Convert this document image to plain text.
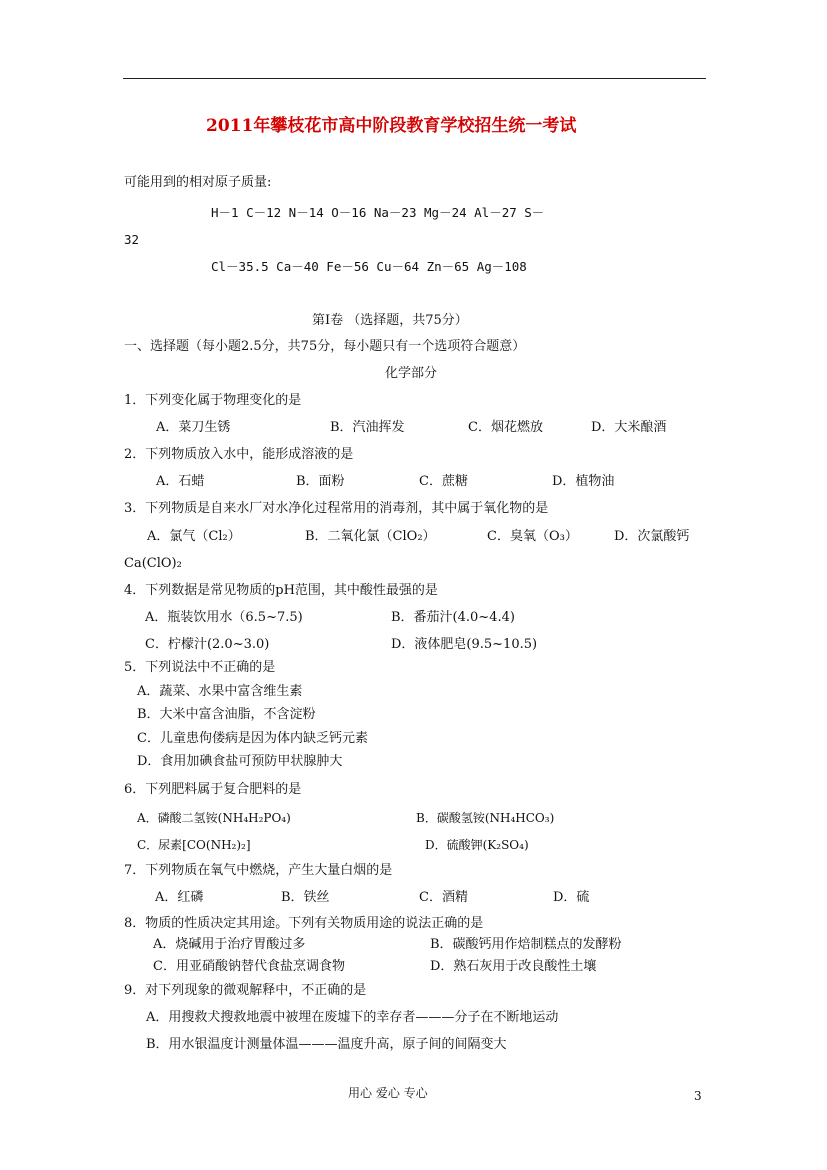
2011年攀枝花市高中阶段教育学校招生统一考试
可能用到的相对原子质量:
H－1 C－12 N－14 O－16 Na－23 Mg－24 Al－27 S－
32
Cl－35.5 Ca－40 Fe－56 Cu－64 Zn－65 Ag－108
第Ⅰ卷 （选择题，共75分）
一、选择题（每小题2.5分，共75分，每小题只有一个选项符合题意）
化学部分
1．下列变化属于物理变化的是
A．菜刀生锈	B．汽油挥发	C．烟花燃放	D．大米酿酒
2．下列物质放入水中，能形成溶液的是
A．石蜡	B．面粉	C．蔗糖	D．植物油
3．下列物质是自来水厂对水净化过程常用的消毒剂，其中属于氧化物的是
A．氯气（Cl₂）	B．二氧化氯（ClO₂）	C．臭氧（O₃）	D．次氯酸钙
Ca(ClO)₂
4．下列数据是常见物质的pH范围，其中酸性最强的是
A．瓶装饮用水（6.5~7.5)	B．番茄汁(4.0~4.4)
C．柠檬汁(2.0~3.0)	D．液体肥皂(9.5~10.5)
5．下列说法中不正确的是
A．蔬菜、水果中富含维生素
B．大米中富含油脂，不含淀粉
C．儿童患佝偻病是因为体内缺乏钙元素
D．食用加碘食盐可预防甲状腺肿大
6．下列肥料属于复合肥料的是
A．磷酸二氢铵(NH₄H₂PO₄)	B．碳酸氢铵(NH₄HCO₃)
C．尿素[CO(NH₂)₂]	D．硫酸钾(K₂SO₄)
7．下列物质在氧气中燃烧，产生大量白烟的是
A．红磷	B．铁丝	C．酒精	D．硫
8．物质的性质决定其用途。下列有关物质用途的说法正确的是
A．烧碱用于治疗胃酸过多	B．碳酸钙用作焙制糕点的发酵粉
C．用亚硝酸钠替代食盐烹调食物	D．熟石灰用于改良酸性土壤
9．对下列现象的微观解释中，不正确的是
A．用搜救犬搜救地震中被埋在废墟下的幸存者———分子在不断地运动
B．用水银温度计测量体温———温度升高，原子间的间隔变大
用心 爱心 专心	3
